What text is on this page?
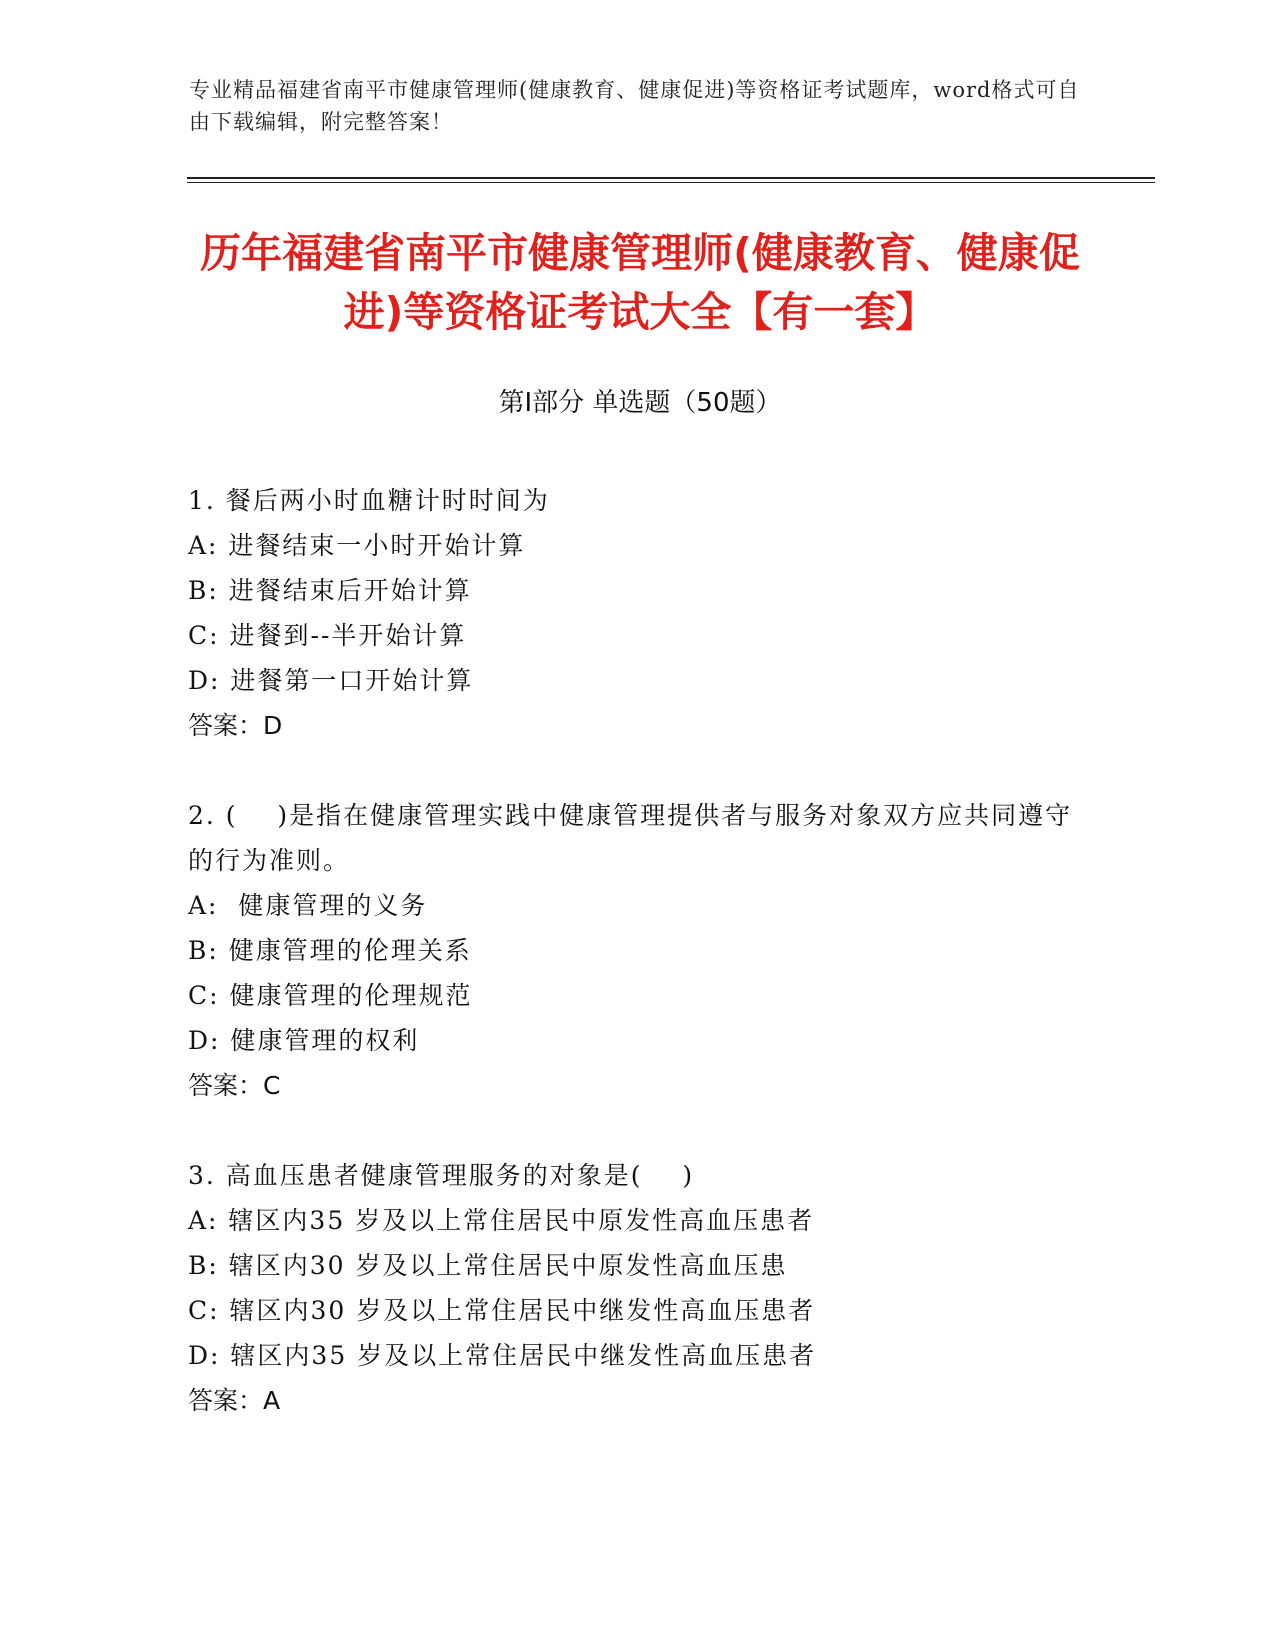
专业精品福建省南平市健康管理师(健康教育、健康促进)等资格证考试题库，word格式可自由下载编辑，附完整答案！
历年福建省南平市健康管理师(健康教育、健康促进)等资格证考试大全【有一套】
第Ⅰ部分 单选题（50题）
1. 餐后两小时血糖计时时间为
A: 进餐结束一小时开始计算
B: 进餐结束后开始计算
C: 进餐到--半开始计算
D: 进餐第一口开始计算
答案：D
2. (    )是指在健康管理实践中健康管理提供者与服务对象双方应共同遵守的行为准则。
A:  健康管理的义务
B: 健康管理的伦理关系
C: 健康管理的伦理规范
D: 健康管理的权利
答案：C
3. 高血压患者健康管理服务的对象是(    )
A: 辖区内35 岁及以上常住居民中原发性高血压患者
B: 辖区内30 岁及以上常住居民中原发性高血压患
C: 辖区内30 岁及以上常住居民中继发性高血压患者
D: 辖区内35 岁及以上常住居民中继发性高血压患者
答案：A
